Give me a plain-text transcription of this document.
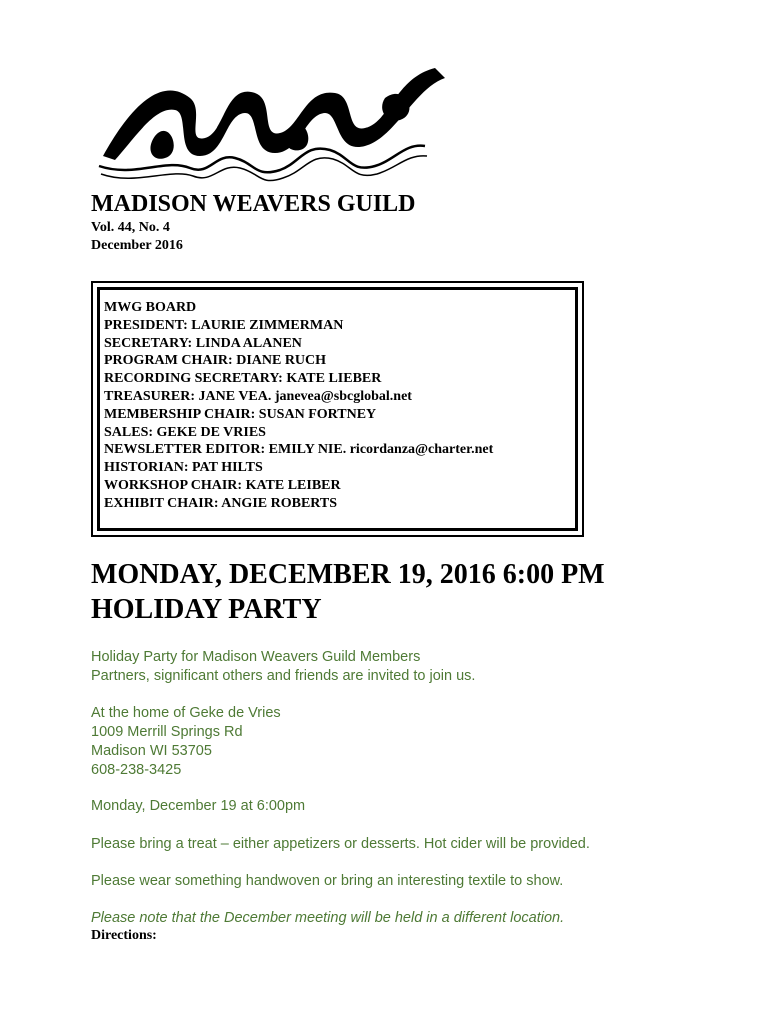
MADISON WEAVERS GUILD
Vol. 44, No. 4
December 2016
MWG BOARD
PRESIDENT: LAURIE ZIMMERMAN
SECRETARY: LINDA ALANEN
PROGRAM CHAIR: DIANE RUCH
RECORDING SECRETARY: KATE LIEBER
TREASURER: JANE VEA. janevea@sbcglobal.net
MEMBERSHIP CHAIR: SUSAN FORTNEY
SALES: GEKE DE VRIES
NEWSLETTER EDITOR: EMILY NIE. ricordanza@charter.net
HISTORIAN: PAT HILTS
WORKSHOP CHAIR: KATE LEIBER
EXHIBIT CHAIR: ANGIE ROBERTS
MONDAY, DECEMBER 19, 2016 6:00 PM
HOLIDAY PARTY
Holiday Party for Madison Weavers Guild Members
Partners, significant others and friends are invited to join us.
At the home of Geke de Vries
1009 Merrill Springs Rd
Madison WI 53705
608-238-3425
Monday, December 19 at 6:00pm
Please bring a treat – either appetizers or desserts. Hot cider will be provided.
Please wear something handwoven or bring an interesting textile to show.
Please note that the December meeting will be held in a different location.
Directions:
